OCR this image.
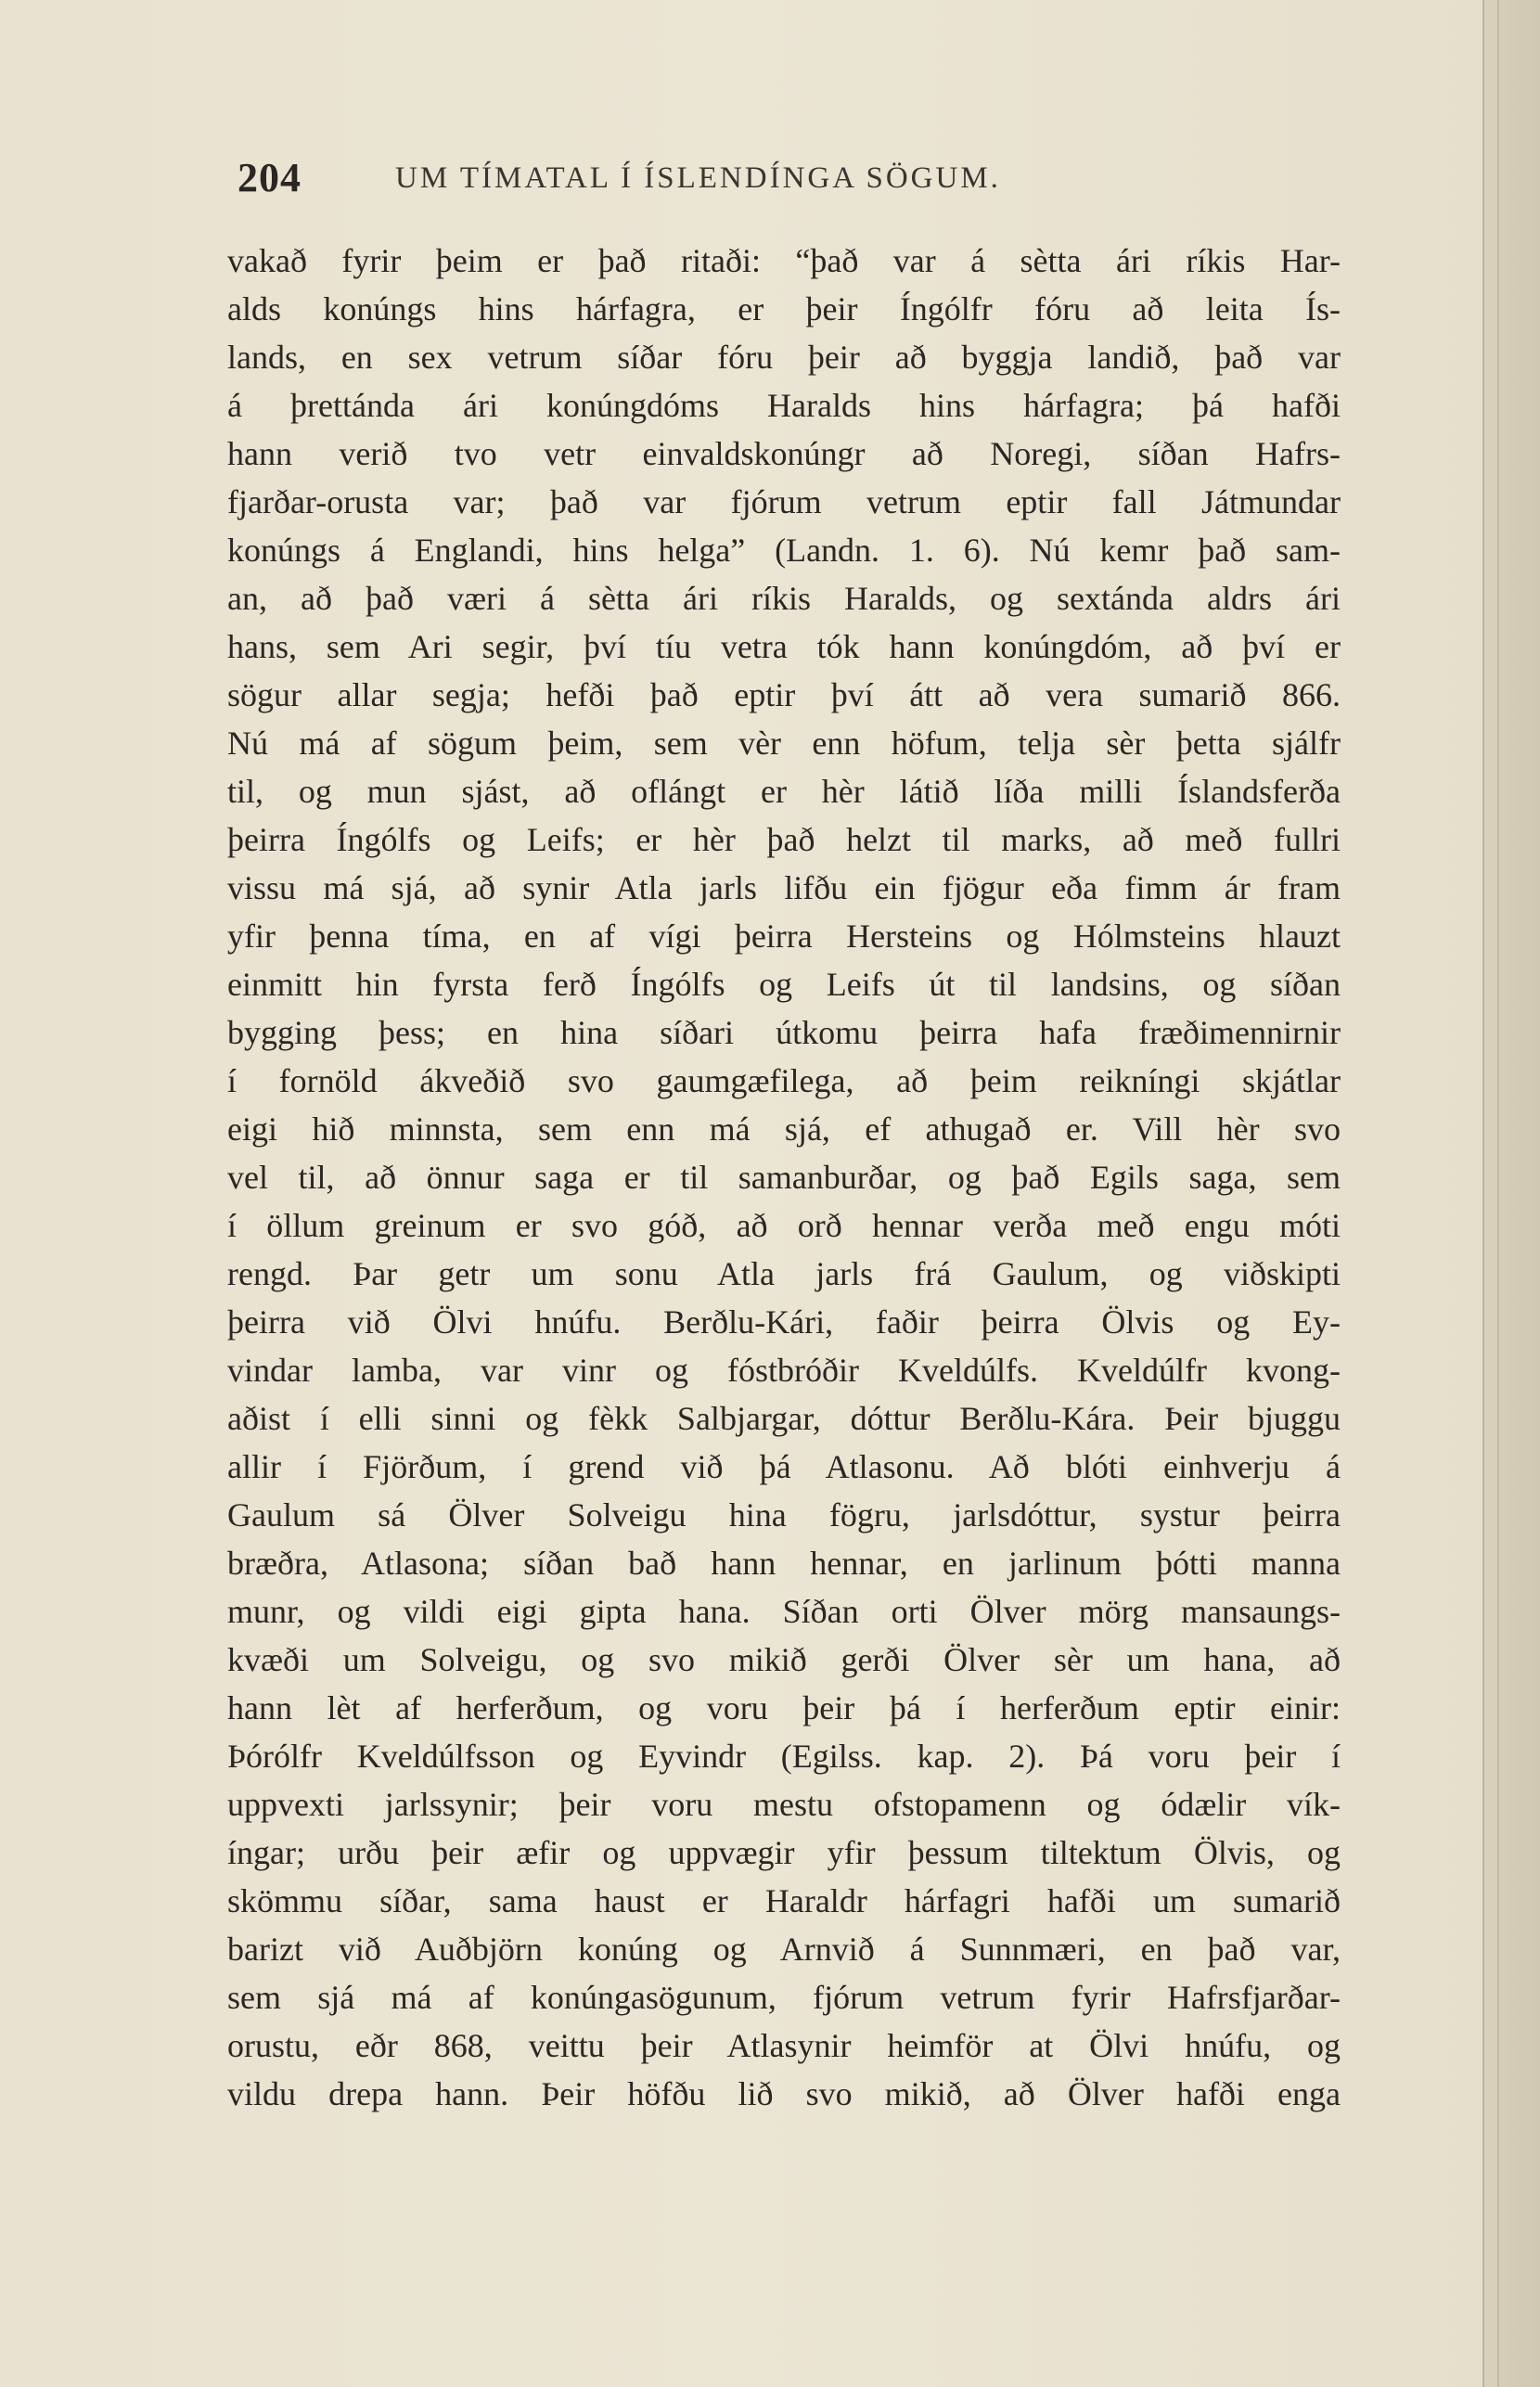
204	UM TÍMATAL Í ÍSLENDÍNGA SÖGUM.
vakað fyrir þeim er það ritaði: “það var á sètta ári ríkis Har-
alds konúngs hins hárfagra, er þeir Íngólfr fóru að leita Ís-
lands, en sex vetrum síðar fóru þeir að byggja landið, það var
á þrettánda ári konúngdóms Haralds hins hárfagra; þá hafði
hann verið tvo vetr einvaldskonúngr að Noregi, síðan Hafrs-
fjarðar-orusta var; það var fjórum vetrum eptir fall Játmundar
konúngs á Englandi, hins helga” (Landn. 1. 6). Nú kemr það sam-
an, að það væri á sètta ári ríkis Haralds, og sextánda aldrs ári
hans, sem Ari segir, því tíu vetra tók hann konúngdóm, að því er
sögur allar segja; hefði það eptir því átt að vera sumarið 866.
Nú má af sögum þeim, sem vèr enn höfum, telja sèr þetta sjálfr
til, og mun sjást, að oflángt er hèr látið líða milli Íslandsferða
þeirra Íngólfs og Leifs; er hèr það helzt til marks, að með fullri
vissu má sjá, að synir Atla jarls lifðu ein fjögur eða fimm ár fram
yfir þenna tíma, en af vígi þeirra Hersteins og Hólmsteins hlauzt
einmitt hin fyrsta ferð Íngólfs og Leifs út til landsins, og síðan
bygging þess; en hina síðari útkomu þeirra hafa fræðimennirnir
í fornöld ákveðið svo gaumgæfilega, að þeim reikníngi skjátlar
eigi hið minnsta, sem enn má sjá, ef athugað er. Vill hèr svo
vel til, að önnur saga er til samanburðar, og það Egils saga, sem
í öllum greinum er svo góð, að orð hennar verða með engu móti
rengd. Þar getr um sonu Atla jarls frá Gaulum, og viðskipti
þeirra við Ölvi hnúfu. Berðlu-Kári, faðir þeirra Ölvis og Ey-
vindar lamba, var vinr og fóstbróðir Kveldúlfs. Kveldúlfr kvong-
aðist í elli sinni og fèkk Salbjargar, dóttur Berðlu-Kára. Þeir bjuggu
allir í Fjörðum, í grend við þá Atlasonu. Að blóti einhverju á
Gaulum sá Ölver Solveigu hina fögru, jarlsdóttur, systur þeirra
bræðra, Atlasona; síðan bað hann hennar, en jarlinum þótti manna
munr, og vildi eigi gipta hana. Síðan orti Ölver mörg mansaungs-
kvæði um Solveigu, og svo mikið gerði Ölver sèr um hana, að
hann lèt af herferðum, og voru þeir þá í herferðum eptir einir:
Þórólfr Kveldúlfsson og Eyvindr (Egilss. kap. 2). Þá voru þeir í
uppvexti jarlssynir; þeir voru mestu ofstopamenn og ódælir vík-
íngar; urðu þeir æfir og uppvægir yfir þessum tiltektum Ölvis, og
skömmu síðar, sama haust er Haraldr hárfagri hafði um sumarið
barizt við Auðbjörn konúng og Arnvið á Sunnmæri, en það var,
sem sjá má af konúngasögunum, fjórum vetrum fyrir Hafrsfjarðar-
orustu, eðr 868, veittu þeir Atlasynir heimför at Ölvi hnúfu, og
vildu drepa hann. Þeir höfðu lið svo mikið, að Ölver hafði enga
